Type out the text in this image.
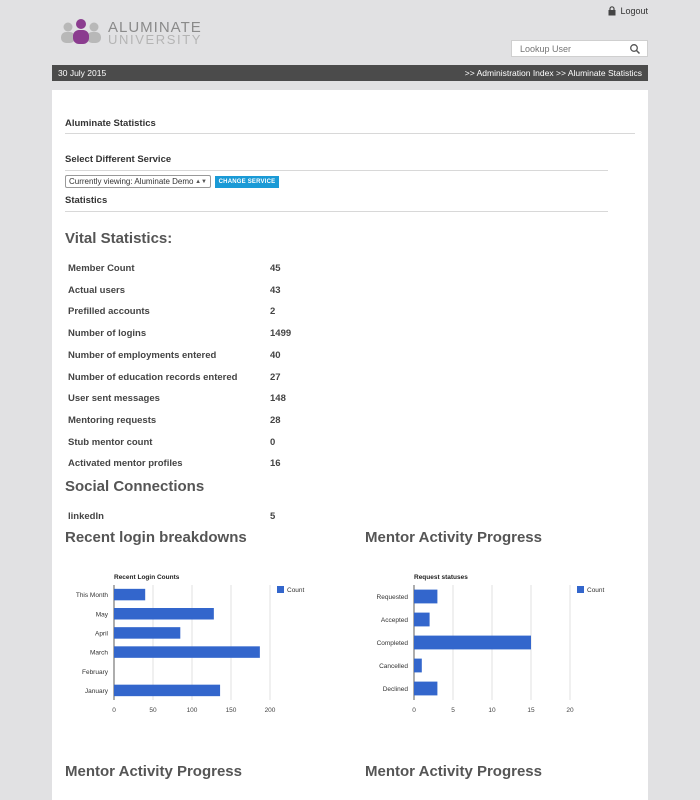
ALUMINATE
UNIVERSITY
Logout
Lookup User
30 July 2015	>> Administration Index >> Aluminate Statistics
Aluminate Statistics
Select Different Service
Currently viewing: Aluminate Demo ▲▼	CHANGE SERVICE
Statistics
Vital Statistics:
Member Count	45
Actual users	43
Prefilled accounts	2
Number of logins	1499
Number of employments entered	40
Number of education records entered	27
User sent messages	148
Mentoring requests	28
Stub mentor count	0
Activated mentor profiles	16
Social Connections
linkedIn	5
Recent login breakdowns	Mentor Activity Progress
Recent Login Counts
0	50	100	150	200
This Month
May
April
March
February
January
Count
Request statuses
0	5	10	15	20
Requested
Accepted
Completed
Cancelled
Declined
Count
Mentor Activity Progress	Mentor Activity Progress
